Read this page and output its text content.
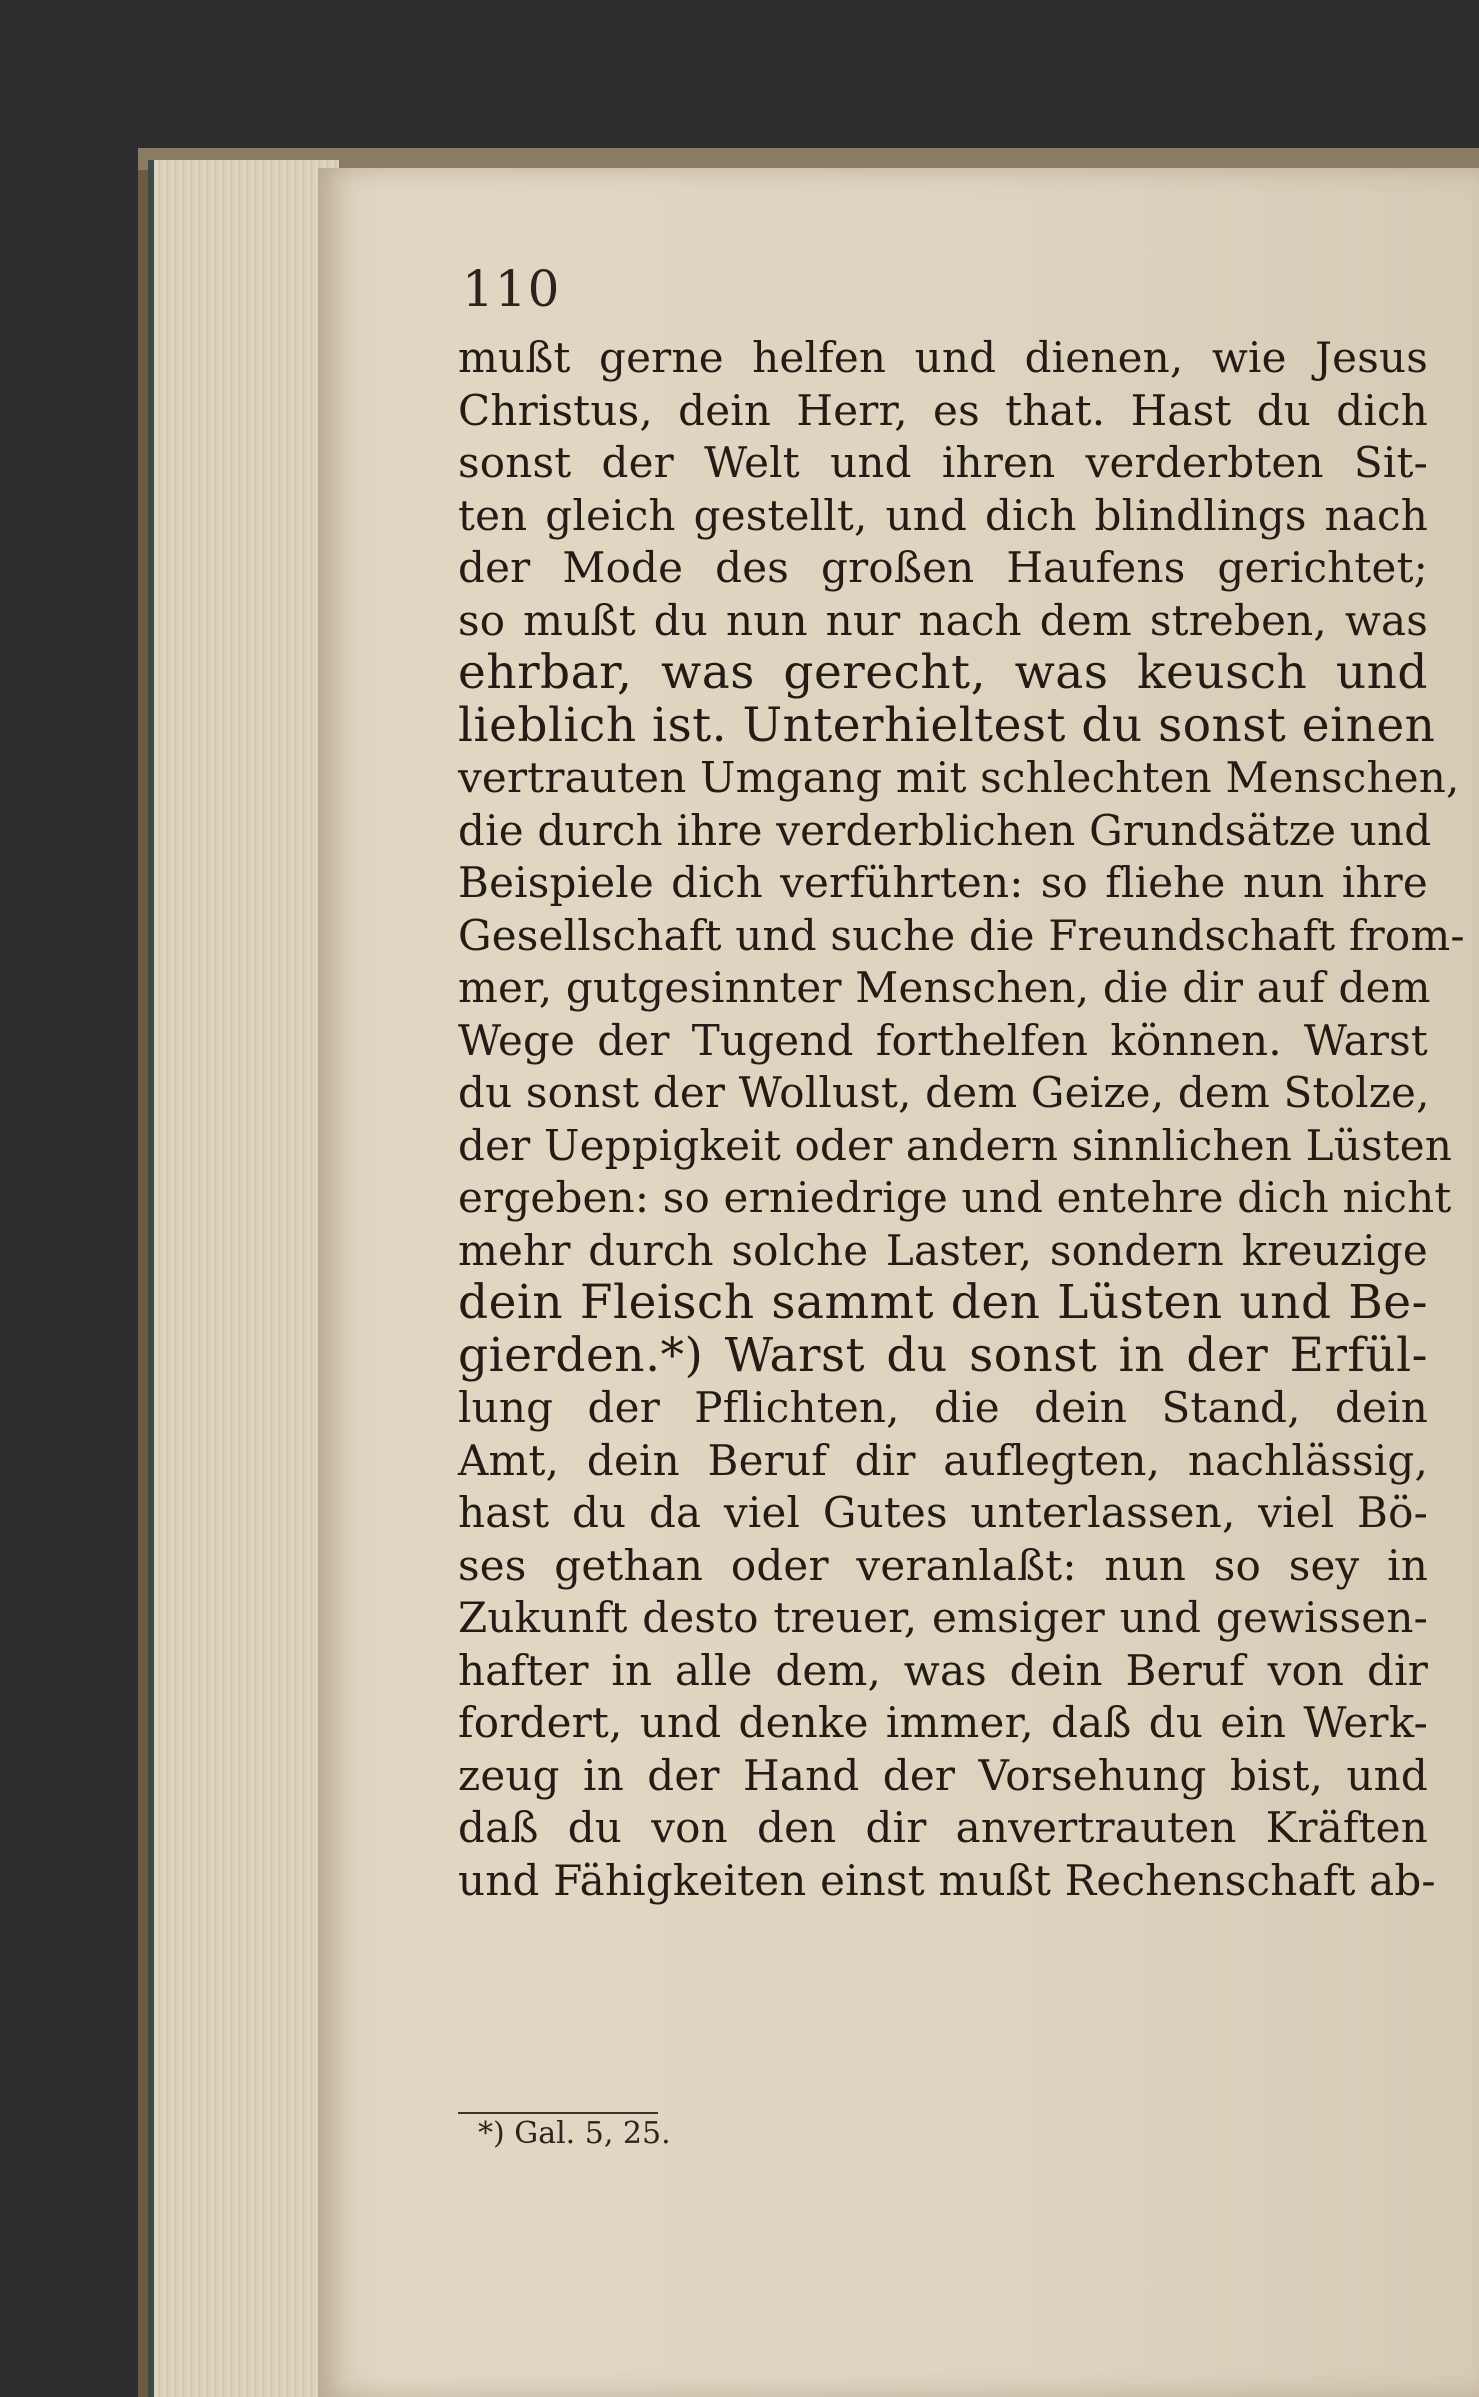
110
mußt gerne helfen und dienen, wie Jesus
Christus, dein Herr, es that. Hast du dich
sonst der Welt und ihren verderbten Sit-
ten gleich gestellt, und dich blindlings nach
der Mode des großen Haufens gerichtet;
so mußt du nun nur nach dem streben, was
ehrbar, was gerecht, was keusch und
lieblich ist. Unterhieltest du sonst einen
vertrauten Umgang mit schlechten Menschen,
die durch ihre verderblichen Grundsätze und
Beispiele dich verführten: so fliehe nun ihre
Gesellschaft und suche die Freundschaft from-
mer, gutgesinnter Menschen, die dir auf dem
Wege der Tugend forthelfen können. Warst
du sonst der Wollust, dem Geize, dem Stolze,
der Ueppigkeit oder andern sinnlichen Lüsten
ergeben: so erniedrige und entehre dich nicht
mehr durch solche Laster, sondern kreuzige
dein Fleisch sammt den Lüsten und Be-
gierden.*) Warst du sonst in der Erfül-
lung der Pflichten, die dein Stand, dein
Amt, dein Beruf dir auflegten, nachlässig,
hast du da viel Gutes unterlassen, viel Bö-
ses gethan oder veranlaßt: nun so sey in
Zukunft desto treuer, emsiger und gewissen-
hafter in alle dem, was dein Beruf von dir
fordert, und denke immer, daß du ein Werk-
zeug in der Hand der Vorsehung bist, und
daß du von den dir anvertrauten Kräften
und Fähigkeiten einst mußt Rechenschaft ab-
*) Gal. 5, 25.
